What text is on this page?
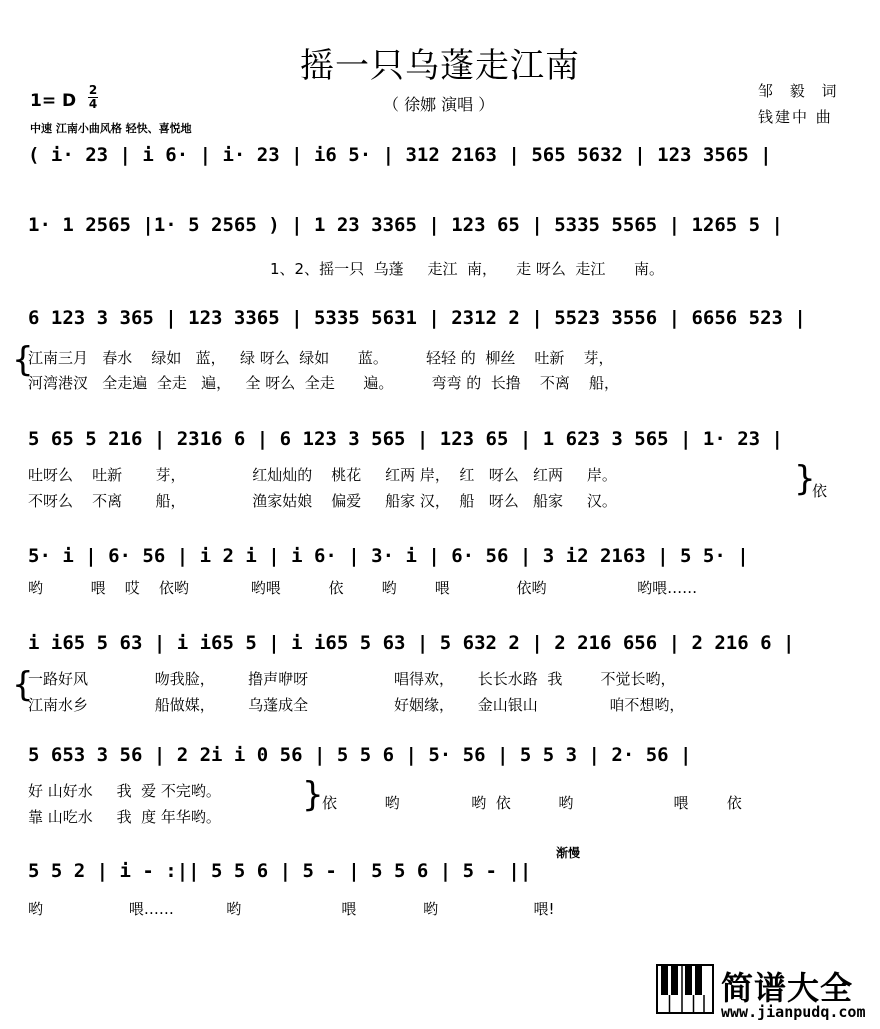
摇一只乌蓬走江南
（ 徐娜 演唱 ）
邹 毅 词
钱建中 曲
1= D
2
4
中速 江南小曲风格 轻快、喜悦地
( i· 23 | i 6· | i· 23 | i6 5· | 312 2163 | 565 5632 | 123 3565 |
1· 1 2565 |1· 5 2565 ) | 1 23 3365 | 123 65 | 5335 5565 | 1265 5 |
1、2、摇一只  乌蓬     走江  南，    走 呀么  走江      南。
6 123 3 365 | 123 3365 | 5335 5631 | 2312 2 | 5523 3556 | 6656 523 |
{
江南三月   春水    绿如   蓝，   绿 呀么  绿如      蓝。        轻轻 的  柳丝    吐新    芽，
河湾港汊   全走遍  全走   遍，   全 呀么  全走      遍。        弯弯 的  长撸    不离    船，
5 65 5 216 | 2316 6 | 6 123 3 565 | 123 65 | 1 623 3 565 | 1· 23 |
吐呀么    吐新       芽，              红灿灿的    桃花     红两 岸，  红   呀么   红两     岸。
不呀么    不离       船，              渔家姑娘    偏爱     船家 汉，  船   呀么   船家     汉。
}
依
5· i | 6· 56 | i 2 i | i 6· | 3· i | 6· 56 | 3 i2 2163 | 5 5· |
哟          喂    哎    依哟             哟喂          依        哟        喂              依哟                   哟喂……
i i65 5 63 | i i65 5 | i i65 5 63 | 5 632 2 | 2 216 656 | 2 216 6 |
{
一路好风              吻我脸，       撸声咿呀                  唱得欢，     长长水路  我        不觉长哟，
江南水乡              船做媒，       乌蓬成全                  好姻缘，     金山银山               咱不想哟，
5 653 3 56 | 2 2i i 0 56 | 5 5 6 | 5· 56 | 5 5 3 | 2· 56 |
好 山好水     我  爱 不完哟。
靠 山吃水     我  度 年华哟。
}
依          哟               哟  依          哟                     喂        依
渐慢
5 5 2 | i - :|| 5 5 6 | 5 - | 5 5 6 | 5 - ||
哟                  喂……           哟                     喂              哟                    喂!
简谱大全
www.jianpudq.com
